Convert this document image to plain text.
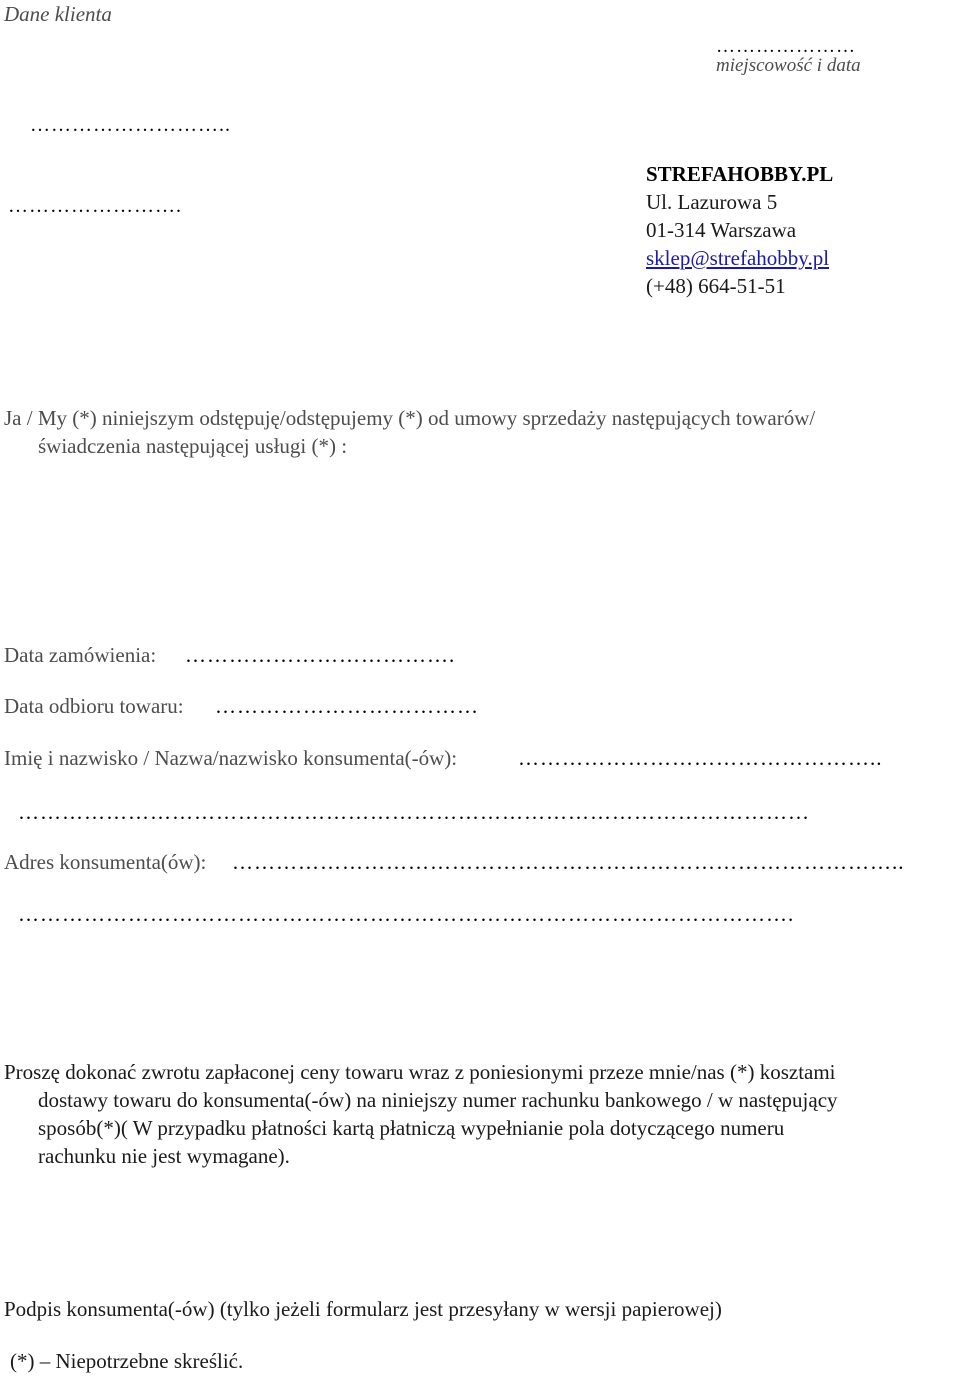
Dane klienta
…………………
miejscowość i data
………………………..
…………………….
STREFAHOBBY.PL
Ul. Lazurowa 5
01-314 Warszawa
sklep@strefahobby.pl
(+48) 664-51-51
Ja / My (*) niniejszym odstępuję/odstępujemy (*) od umowy sprzedaży następujących towarów/
świadczenia następującej usługi (*) :
Data zamówienia: ……………………………….
Data odbioru towaru: ………………………………
Imię i nazwisko / Nazwa/nazwisko konsumenta(-ów):	…………………………………………..
………………………………………………………………………………………………
Adres konsumenta(ów): ………………………………………………………………………………..
…………………………………………………………………………………………….
Proszę dokonać zwrotu zapłaconej ceny towaru wraz z poniesionymi przeze mnie/nas (*) kosztami
dostawy towaru do konsumenta(-ów) na niniejszy numer rachunku bankowego / w następujący
sposób(*)( W przypadku płatności kartą płatniczą wypełnianie pola dotyczącego numeru
rachunku nie jest wymagane).
Podpis konsumenta(-ów) (tylko jeżeli formularz jest przesyłany w wersji papierowej)
(*) – Niepotrzebne skreślić.
